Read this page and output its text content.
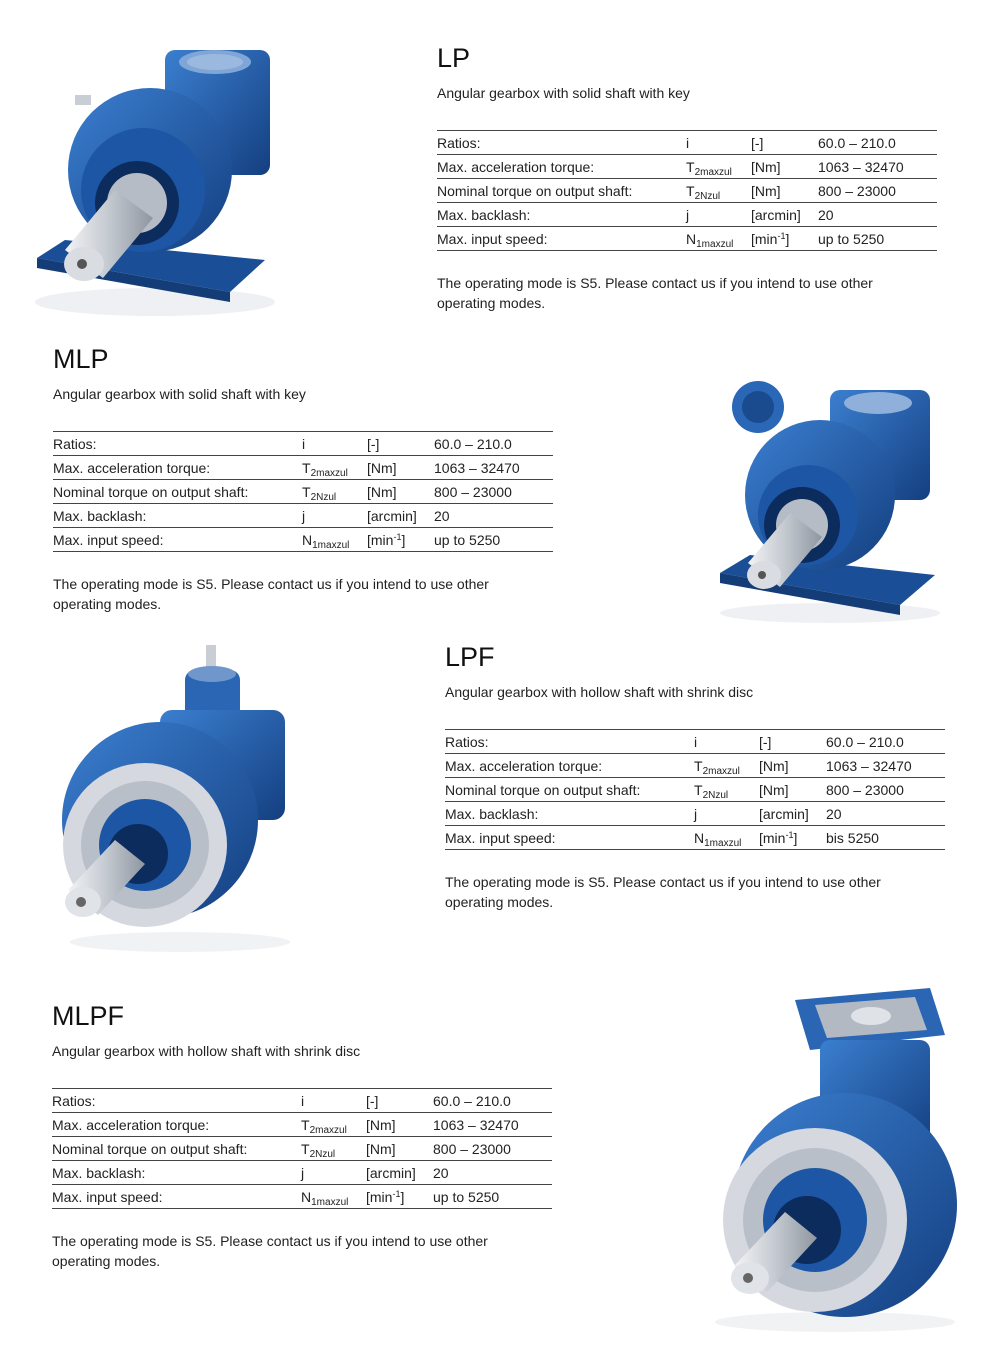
LP

Angular gearbox with solid shaft with key

Ratios:	i	[-]	60.0 – 210.0
Max. acceleration torque:	$T_{2maxzul}$	[Nm]	1063 – 32470
Nominal torque on output shaft:	$T_{2Nzul}$	[Nm]	800 – 23000
Max. backlash:	j	[arcmin]	20
Max. input speed:	$N_{1maxzul}$	$[\min^{-1}]$	up to 5250
The operating mode is S5. Please contact us if you intend to use other operating modes.
MLP

Angular gearbox with solid shaft with key

Ratios:	i	[-]	60.0 – 210.0
Max. acceleration torque:	$T_{2maxzul}$	[Nm]	1063 – 32470
Nominal torque on output shaft:	$T_{2Nzul}$	[Nm]	800 – 23000
Max. backlash:	j	[arcmin]	20
Max. input speed:	$N_{1maxzul}$	$[\min^{-1}]$	up to 5250
The operating mode is S5. Please contact us if you intend to use other operating modes.
LPF

Angular gearbox with hollow shaft with shrink disc

Ratios:	i	[-]	60.0 – 210.0
Max. acceleration torque:	$T_{2maxzul}$	[Nm]	1063 – 32470
Nominal torque on output shaft:	$T_{2Nzul}$	[Nm]	800 – 23000
Max. backlash:	j	[arcmin]	20
Max. input speed:	$N_{1maxzul}$	$[\min^{-1}]$	bis 5250
The operating mode is S5. Please contact us if you intend to use other operating modes.
MLPF

Angular gearbox with hollow shaft with shrink disc

Ratios:	i	[-]	60.0 – 210.0
Max. acceleration torque:	$T_{2maxzul}$	[Nm]	1063 – 32470
Nominal torque on output shaft:	$T_{2Nzul}$	[Nm]	800 – 23000
Max. backlash:	j	[arcmin]	20
Max. input speed:	$N_{1maxzul}$	$[\min^{-1}]$	up to 5250
The operating mode is S5. Please contact us if you intend to use other operating modes.
